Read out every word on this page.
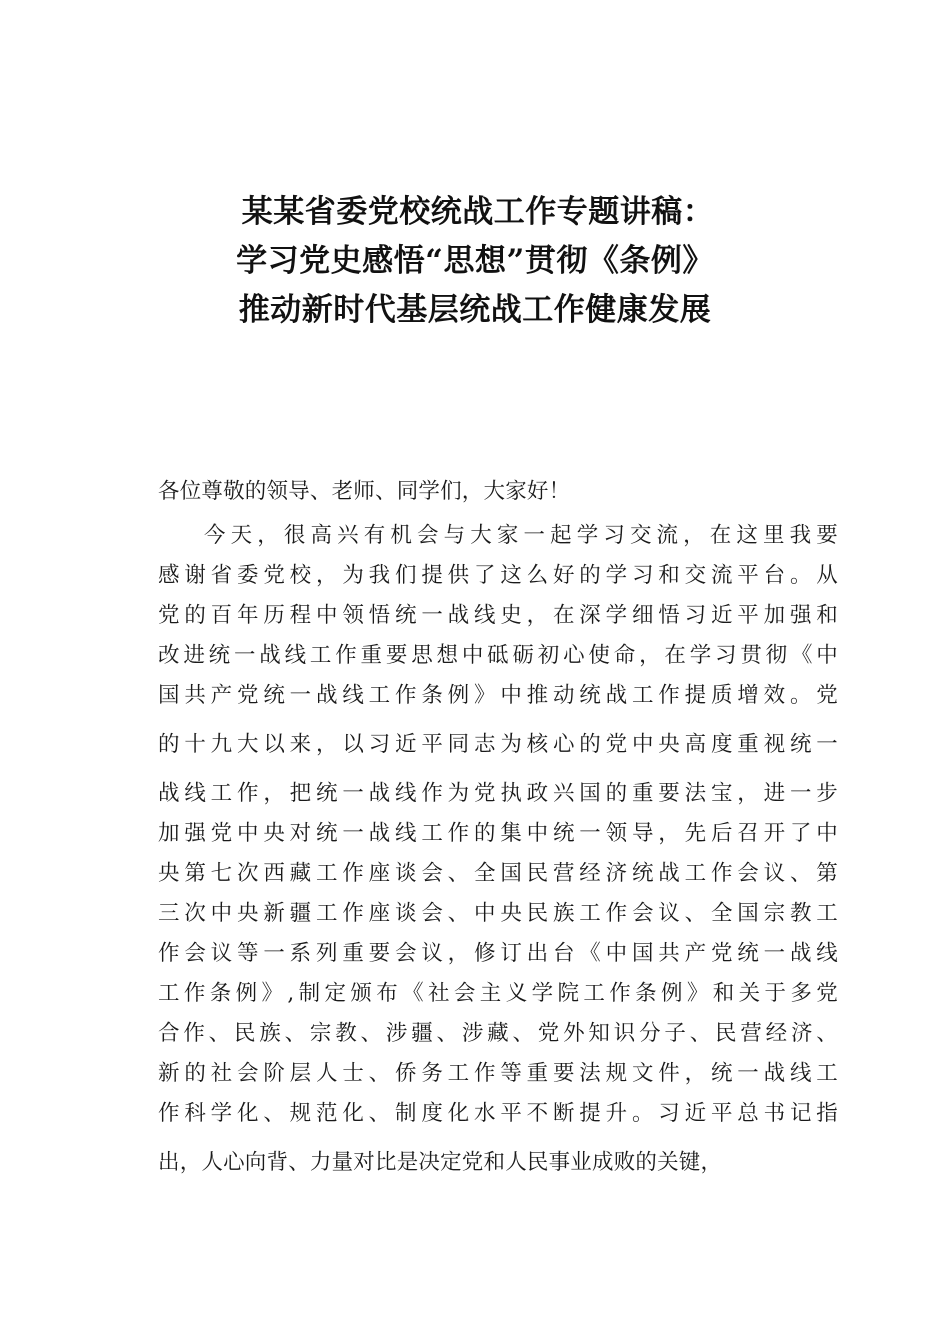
某某省委党校统战工作专题讲稿：
学习党史感悟“思想”贯彻《条例》
推动新时代基层统战工作健康发展
各位尊敬的领导、老师、同学们，大家好！
今天，很高兴有机会与大家一起学习交流，在这里我要
感谢省委党校，为我们提供了这么好的学习和交流平台。从
党的百年历程中领悟统一战线史，在深学细悟习近平加强和
改进统一战线工作重要思想中砥砺初心使命，在学习贯彻《中
国共产党统一战线工作条例》中推动统战工作提质增效。党
的十九大以来，以习近平同志为核心的党中央高度重视统一
战线工作，把统一战线作为党执政兴国的重要法宝，进一步
加强党中央对统一战线工作的集中统一领导，先后召开了中
央第七次西藏工作座谈会、全国民营经济统战工作会议、第
三次中央新疆工作座谈会、中央民族工作会议、全国宗教工
作会议等一系列重要会议，修订出台《中国共产党统一战线
工作条例》,制定颁布《社会主义学院工作条例》和关于多党
合作、民族、宗教、涉疆、涉藏、党外知识分子、民营经济、
新的社会阶层人士、侨务工作等重要法规文件，统一战线工
作科学化、规范化、制度化水平不断提升。习近平总书记指
出，人心向背、力量对比是决定党和人民事业成败的关键，
